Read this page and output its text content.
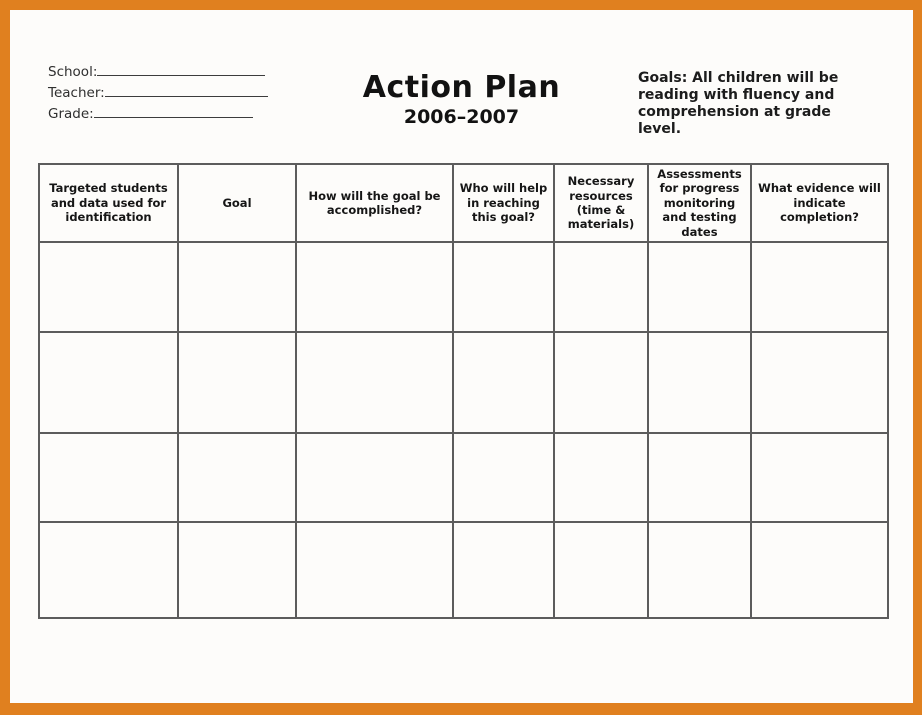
School:
Teacher:
Grade:
Action Plan
2006–2007
Goals: All children will be reading with fluency and comprehension at grade level.
Targeted students and data used for identification	Goal	How will the goal be accomplished?	Who will help in reaching this goal?	Necessary resources (time & materials)	Assessments for progress monitoring and testing dates	What evidence will indicate completion?
